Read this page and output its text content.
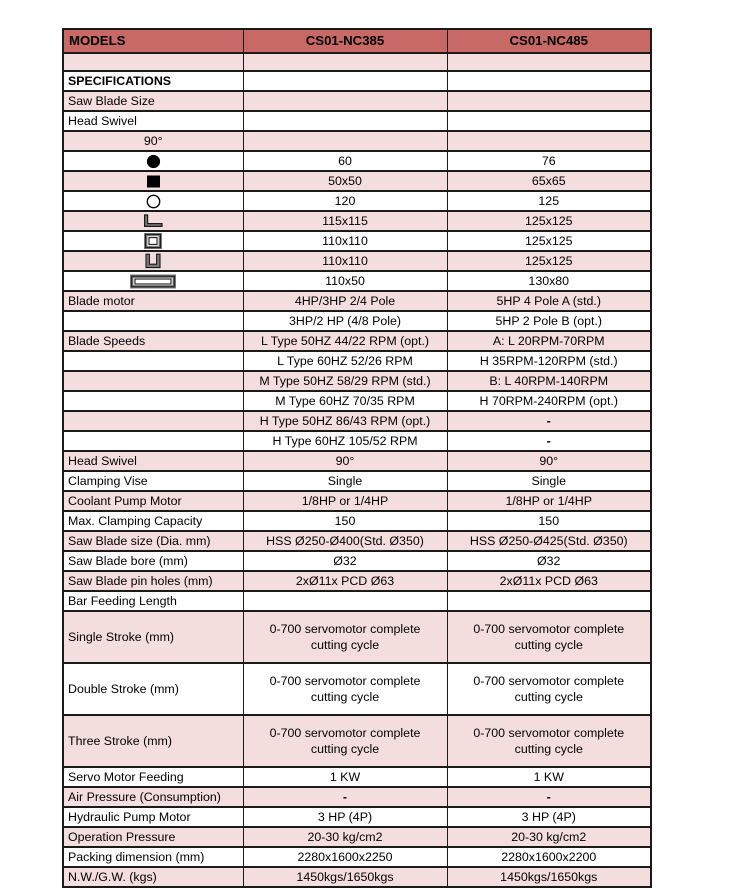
MODELS	CS01-NC385	CS01-NC485

SPECIFICATIONS		
Saw Blade Size		
Head Swivel		
90°		

	60	76

	50x50	65x65

	120	125

	115x115	125x125

	110x110	125x125

	110x110	125x125

	110x50	130x80
Blade motor	4HP/3HP 2/4 Pole	5HP 4 Pole A (std.)
	3HP/2 HP (4/8 Pole)	5HP 2 Pole B (opt.)
Blade Speeds	L Type 50HZ 44/22 RPM (opt.)	A: L 20RPM-70RPM
	L Type 60HZ 52/26 RPM	H 35RPM-120RPM (std.)
	M Type 50HZ 58/29 RPM (std.)	B: L 40RPM-140RPM
	M Type 60HZ 70/35 RPM	H 70RPM-240RPM (opt.)
	H Type 50HZ 86/43 RPM (opt.)	-
	H Type 60HZ 105/52 RPM	-
Head Swivel	90°	90°
Clamping Vise	Single	Single
Coolant Pump Motor	1/8HP or 1/4HP	1/8HP or 1/4HP
Max. Clamping Capacity	150	150
Saw Blade size (Dia. mm)	HSS Ø250-Ø400(Std. Ø350)	HSS Ø250-Ø425(Std. Ø350)
Saw Blade bore (mm)	Ø32	Ø32
Saw Blade pin holes (mm)	2xØ11x PCD Ø63	2xØ11x PCD Ø63
Bar Feeding Length		
Single Stroke (mm)	0-700 servomotor complete cutting cycle	0-700 servomotor complete cutting cycle
Double Stroke (mm)	0-700 servomotor complete cutting cycle	0-700 servomotor complete cutting cycle
Three Stroke (mm)	0-700 servomotor complete cutting cycle	0-700 servomotor complete cutting cycle
Servo Motor Feeding	1 KW	1 KW
Air Pressure (Consumption)	-	-
Hydraulic Pump Motor	3 HP (4P)	3 HP (4P)
Operation Pressure	20-30 kg/cm2	20-30 kg/cm2
Packing dimension (mm)	2280x1600x2250	2280x1600x2200
N.W./G.W. (kgs)	1450kgs/1650kgs	1450kgs/1650kgs
